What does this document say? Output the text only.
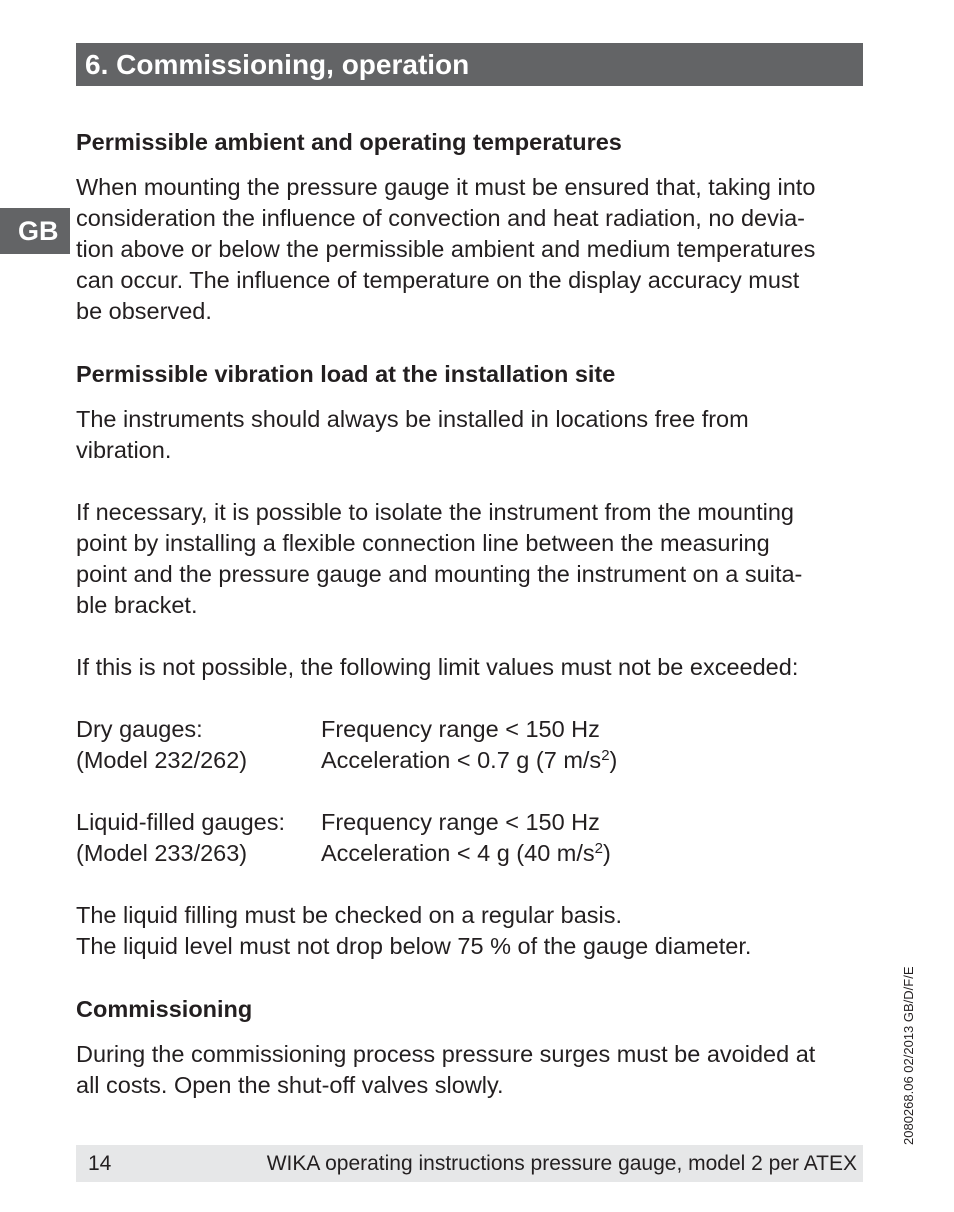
6. Commissioning, operation
GB
Permissible ambient and operating temperatures

When mounting the pressure gauge it must be ensured that, taking into

consideration the influence of convection and heat radiation, no devia-

tion above or below the permissible ambient and medium temperatures

can occur. The influence of temperature on the display accuracy must

be observed.

Permissible vibration load at the installation site

The instruments should always be installed in locations free from

vibration.

If necessary, it is possible to isolate the instrument from the mounting

point by installing a flexible connection line between the measuring

point and the pressure gauge and mounting the instrument on a suita-

ble bracket.

If this is not possible, the following limit values must not be exceeded:

Dry gauges:	Frequency range < 150 Hz
(Model 232/262)	Acceleration < 0.7 g (7 $m/s^2$)
Liquid-filled gauges:	Frequency range < 150 Hz
(Model 233/263)	Acceleration < 4 g (40 $m/s^2$)

The liquid filling must be checked on a regular basis.

The liquid level must not drop below 75 % of the gauge diameter.

Commissioning

During the commissioning process pressure surges must be avoided at

all costs. Open the shut-off valves slowly.

14	WIKA operating instructions pressure gauge, model 2 per ATEX
2080268.06 02/2013 GB/D/F/E
